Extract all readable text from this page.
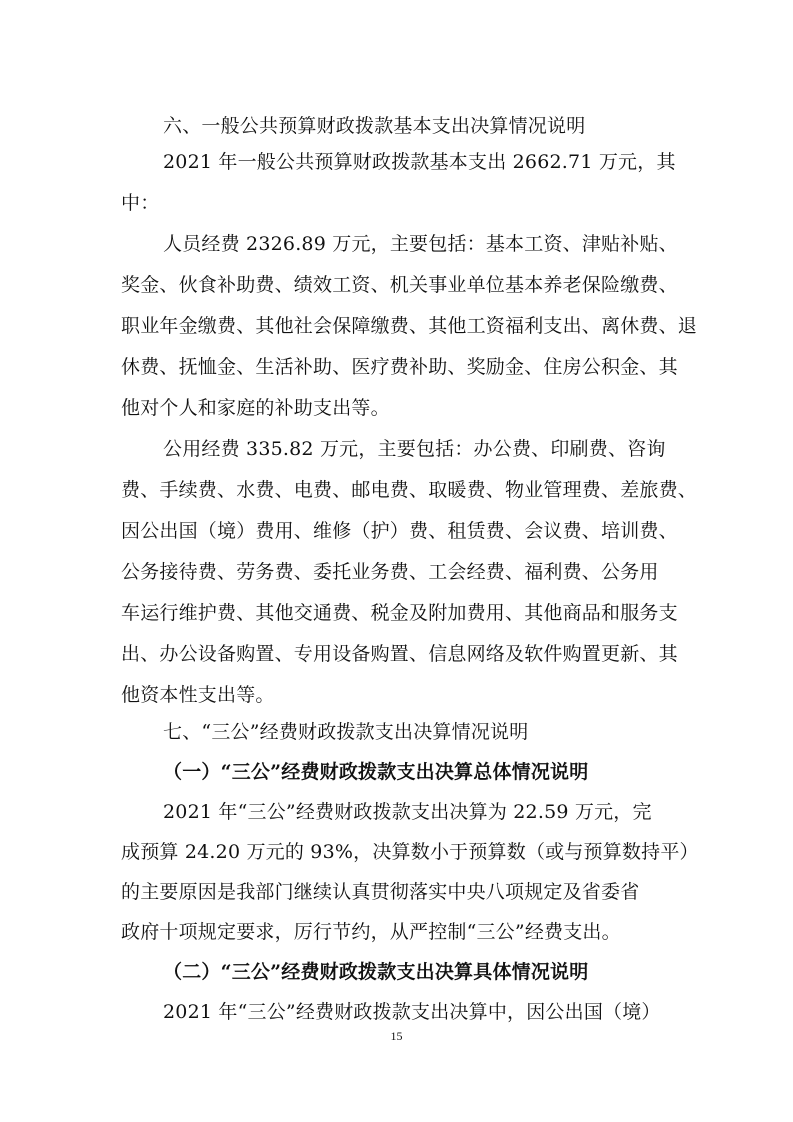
六、一般公共预算财政拨款基本支出决算情况说明

2021 年一般公共预算财政拨款基本支出 2662.71 万元，其

中：

人员经费 2326.89 万元，主要包括：基本工资、津贴补贴、

奖金、伙食补助费、绩效工资、机关事业单位基本养老保险缴费、

职业年金缴费、其他社会保障缴费、其他工资福利支出、离休费、退

休费、抚恤金、生活补助、医疗费补助、奖励金、住房公积金、其

他对个人和家庭的补助支出等。

公用经费 335.82 万元，主要包括：办公费、印刷费、咨询

费、手续费、水费、电费、邮电费、取暖费、物业管理费、差旅费、

因公出国（境）费用、维修（护）费、租赁费、会议费、培训费、

公务接待费、劳务费、委托业务费、工会经费、福利费、公务用

车运行维护费、其他交通费、税金及附加费用、其他商品和服务支

出、办公设备购置、专用设备购置、信息网络及软件购置更新、其

他资本性支出等。

七、“三公”经费财政拨款支出决算情况说明

（一）“三公”经费财政拨款支出决算总体情况说明

2021 年“三公”经费财政拨款支出决算为 22.59 万元，完

成预算 24.20 万元的 93%，决算数小于预算数（或与预算数持平）

的主要原因是我部门继续认真贯彻落实中央八项规定及省委省

政府十项规定要求，厉行节约，从严控制“三公”经费支出。

（二）“三公”经费财政拨款支出决算具体情况说明

2021 年“三公”经费财政拨款支出决算中，因公出国（境）

15
